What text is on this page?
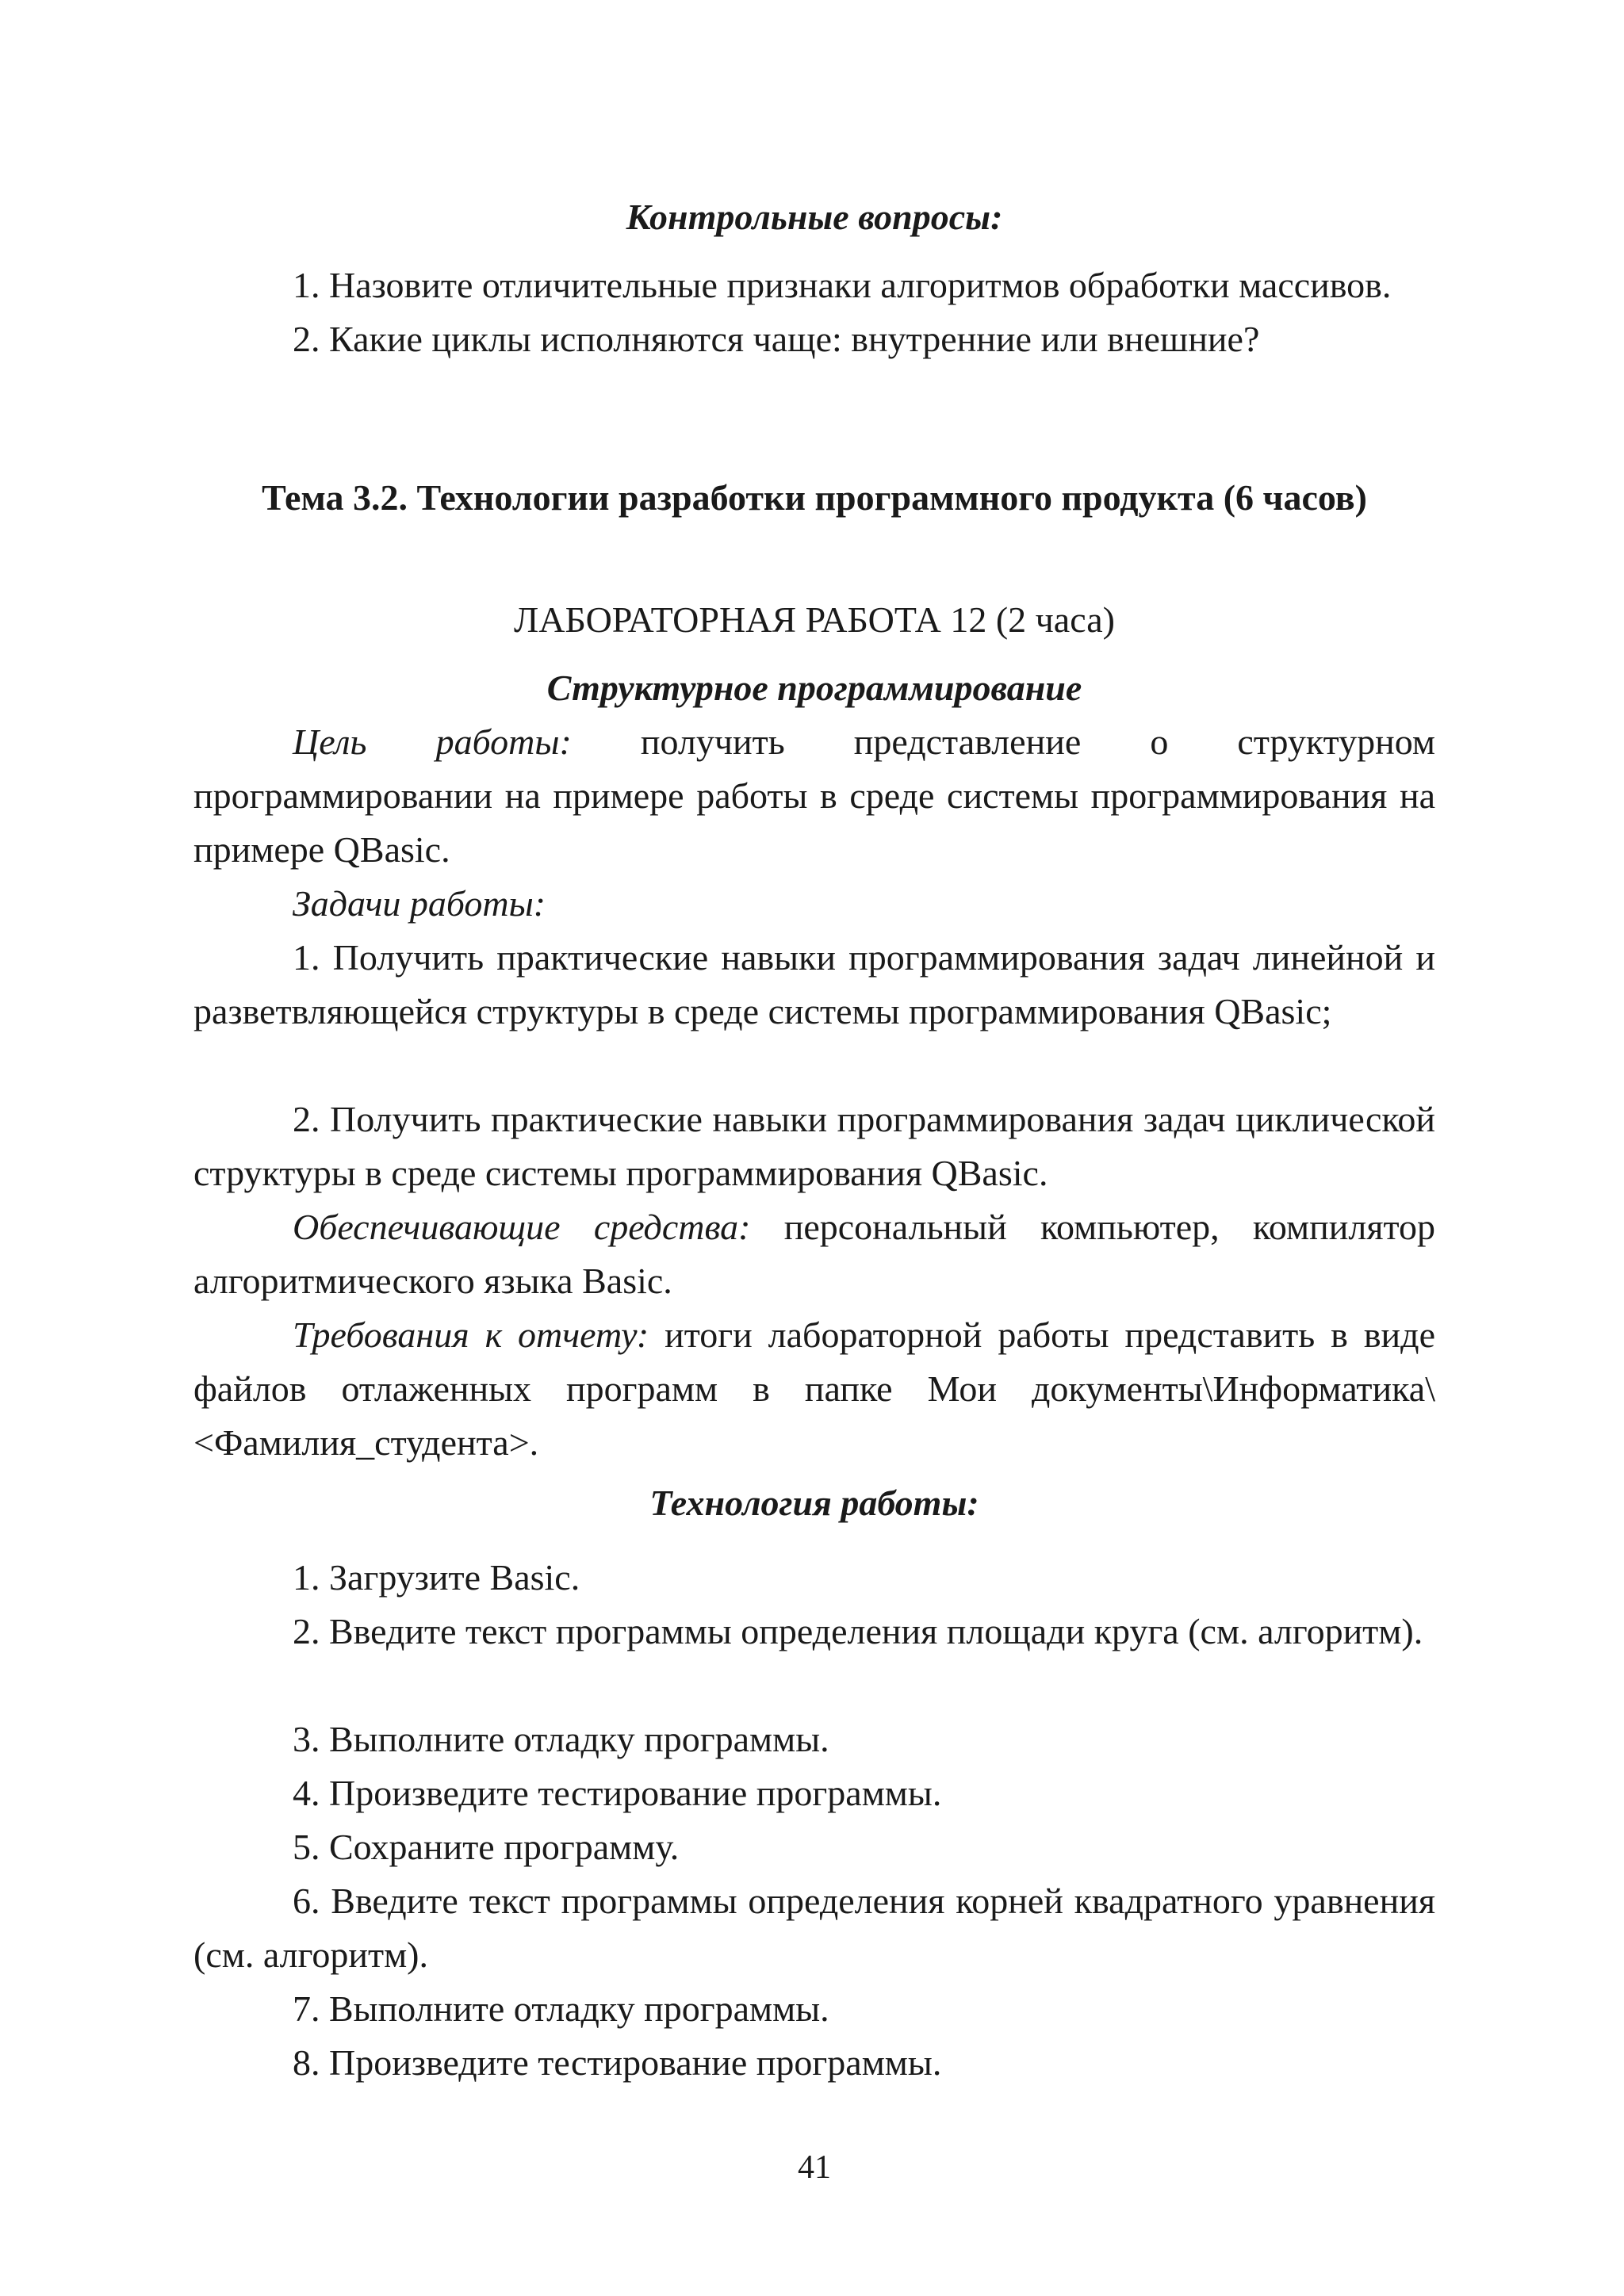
Контрольные вопросы:

1. Назовите отличительные признаки алгоритмов обработки массивов.

2. Какие циклы исполняются чаще: внутренние или внешние?

Тема 3.2. Технологии разработки программного продукта (6 часов)

ЛАБОРАТОРНАЯ РАБОТА 12 (2 часа)

Структурное программирование

Цель работы: получить представление о структурном программировании на примере работы в среде системы программирования на примере QBasic.

Задачи работы:

1. Получить практические навыки программирования задач линейной и разветвляющейся структуры в среде системы программирования QBasic;

2. Получить практические навыки программирования задач циклической структуры в среде системы программирования QBasic.

Обеспечивающие средства: персональный компьютер, компилятор алгоритмического языка Basic.

Требования к отчету: итоги лабораторной работы представить в виде файлов отлаженных программ в папке Мои документы\Информатика\ <Фамилия_студента>.

Технология работы:

1. Загрузите Basic.

2. Введите текст программы определения площади круга (см. алгоритм).

3. Выполните отладку программы.

4. Произведите тестирование программы.

5. Сохраните программу.

6. Введите текст программы определения корней квадратного уравнения (см. алгоритм).

7. Выполните отладку программы.

8. Произведите тестирование программы.

41
